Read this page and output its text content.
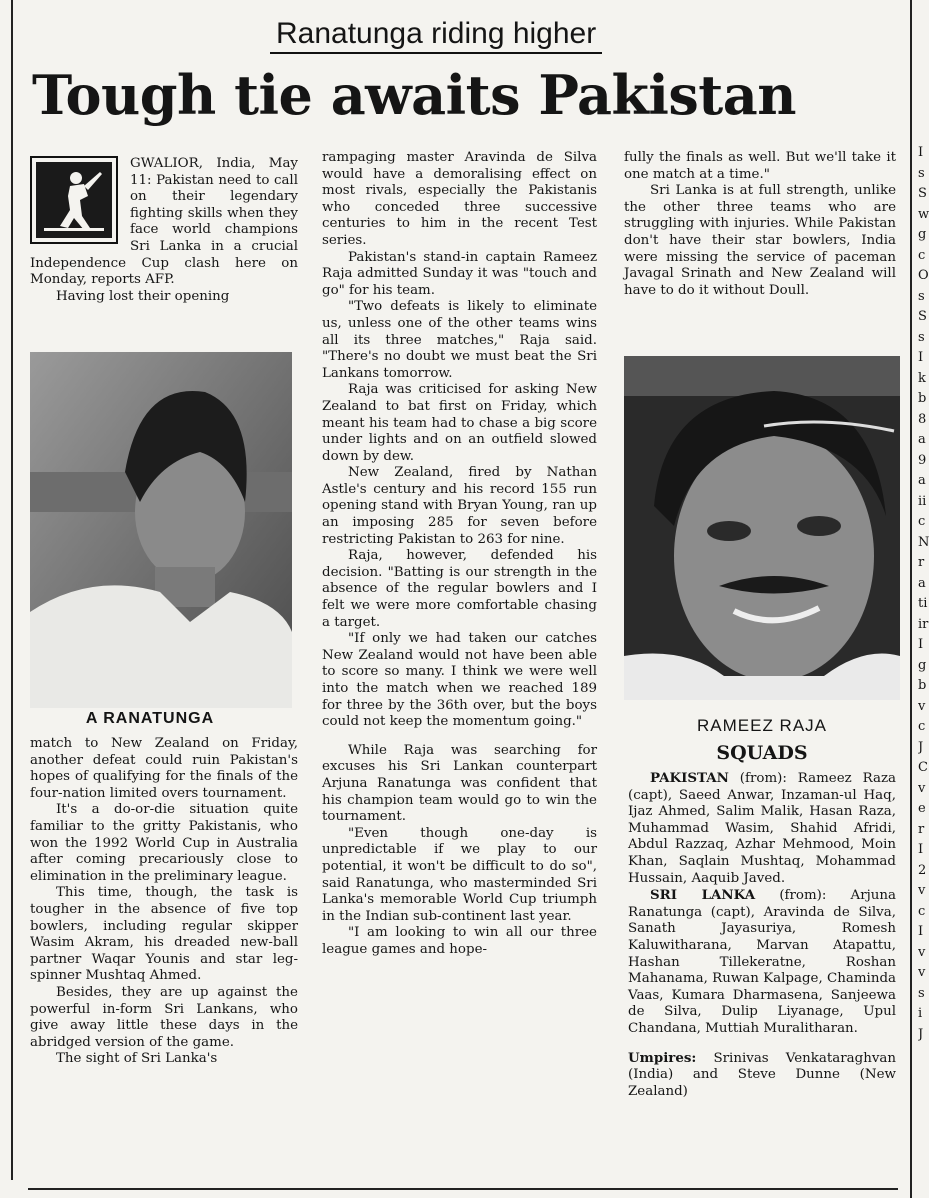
Ranatunga riding higher
Tough tie awaits Pakistan

GWALIOR, India, May 11: Pakistan need to call on their legendary fighting skills when they face world champions Sri Lanka in a crucial Independence Cup clash here on Monday, reports AFP.

Having lost their opening

A RANATUNGA

match to New Zealand on Friday, another defeat could ruin Pakistan's hopes of qualifying for the finals of the four-nation limited overs tournament.

It's a do-or-die situation quite familiar to the gritty Pakistanis, who won the 1992 World Cup in Australia after coming precariously close to elimination in the preliminary league.

This time, though, the task is tougher in the absence of five top bowlers, including regular skipper Wasim Akram, his dreaded new-ball partner Waqar Younis and star leg-spinner Mushtaq Ahmed.

Besides, they are up against the powerful in-form Sri Lankans, who give away little these days in the abridged version of the game.

The sight of Sri Lanka's

rampaging master Aravinda de Silva would have a demoralising effect on most rivals, especially the Pakistanis who conceded three successive centuries to him in the recent Test series.

Pakistan's stand-in captain Rameez Raja admitted Sunday it was "touch and go" for his team.

"Two defeats is likely to eliminate us, unless one of the other teams wins all its three matches," Raja said. "There's no doubt we must beat the Sri Lankans tomorrow.

Raja was criticised for asking New Zealand to bat first on Friday, which meant his team had to chase a big score under lights and on an outfield slowed down by dew.

New Zealand, fired by Nathan Astle's century and his record 155 run opening stand with Bryan Young, ran up an imposing 285 for seven before restricting Pakistan to 263 for nine.

Raja, however, defended his decision. "Batting is our strength in the absence of the regular bowlers and I felt we were more comfortable chasing a target.

"If only we had taken our catches New Zealand would not have been able to score so many. I think we were well into the match when we reached 189 for three by the 36th over, but the boys could not keep the momentum going."

While Raja was searching for excuses his Sri Lankan counterpart Arjuna Ranatunga was confident that his champion team would go to win the tournament.

"Even though one-day is unpredictable if we play to our potential, it won't be difficult to do so", said Ranatunga, who masterminded Sri Lanka's memorable World Cup triumph in the Indian sub-continent last year.

"I am looking to win all our three league games and hope-

fully the finals as well. But we'll take it one match at a time."

Sri Lanka is at full strength, unlike the other three teams who are struggling with injuries. While Pakistan don't have their star bowlers, India were missing the service of paceman Javagal Srinath and New Zealand will have to do it without Doull.

RAMEEZ RAJA
SQUADS

PAKISTAN (from): Rameez Raza (capt), Saeed Anwar, Inzaman-ul Haq, Ijaz Ahmed, Salim Malik, Hasan Raza, Muhammad Wasim, Shahid Afridi, Abdul Razzaq, Azhar Mehmood, Moin Khan, Saqlain Mushtaq, Mohammad Hussain, Aaquib Javed.

SRI LANKA (from): Arjuna Ranatunga (capt), Aravinda de Silva, Sanath Jayasuriya, Romesh Kaluwitharana, Marvan Atapattu, Hashan Tillekeratne, Roshan Mahanama, Ruwan Kalpage, Chaminda Vaas, Kumara Dharmasena, Sanjeewa de Silva, Dulip Liyanage, Upul Chandana, Muttiah Muralitharan.

Umpires: Srinivas Venkataraghvan (India) and Steve Dunne (New Zealand)

I
s
S
w
g
c
O
s
S
s
I
k
b
8
a
9
a
ii
c
N
r
a
ti
ir
I
g
b
v
c
J
C
v
e
r
I
2
v
c
I
v
v
s
i
J
